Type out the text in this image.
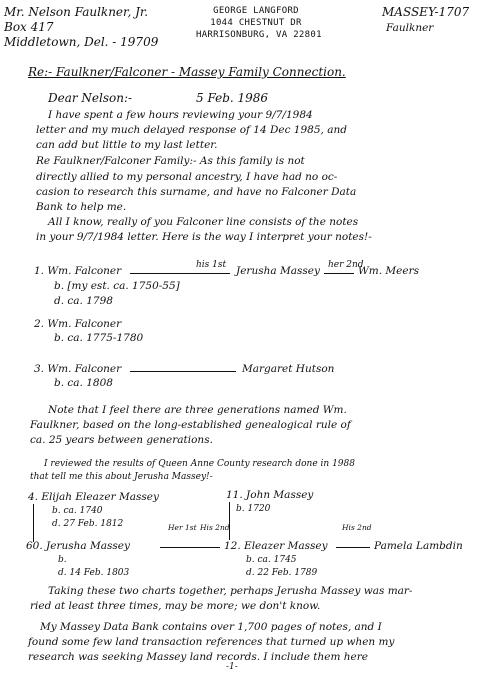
Mr. Nelson Faulkner, Jr.
Box 417
Middletown, Del. - 19709
GEORGE LANGFORD
1044 CHESTNUT DR
HARRISONBURG, VA 22801
MASSEY-1707
Faulkner
Re:- Faulkner/Falconer - Massey Family Connection.
Dear Nelson:-	5 Feb. 1986
I have spent a few hours reviewing your 9/7/1984
letter and my much delayed response of 14 Dec 1985, and
can add but little to my last letter.
Re Faulkner/Falconer Family:- As this family is not
directly allied to my personal ancestry, I have had no oc-
casion to research this surname, and have no Falconer Data
Bank to help me.
All I know, really of you Falconer line consists of the notes
in your 9/7/1984 letter. Here is the way I interpret your notes!-
1. Wm. Falconer	his 1st Jerusha Massey her 2nd
Wm. Meers
b. [my est. ca. 1750-55]
d. ca. 1798
2. Wm. Falconer
b. ca. 1775-1780
3. Wm. Falconer	Margaret Hutson
b. ca. 1808
Note that I feel there are three generations named Wm.
Faulkner, based on the long-established genealogical rule of
ca. 25 years between generations.
I reviewed the results of Queen Anne County research done in 1988
that tell me this about Jerusha Massey!-
4. Elijah Eleazer Massey
b. ca. 1740
d. 27 Feb. 1812
11. John Massey
b. 1720
60. Jerusha Massey
b.
d. 14 Feb. 1803
Her 1st His 2nd
12. Eleazer Massey
b. ca. 1745
d. 22 Feb. 1789
His 2nd
Pamela Lambdin
Taking these two charts together, perhaps Jerusha Massey was mar-
ried at least three times, may be more; we don't know.
My Massey Data Bank contains over 1,700 pages of notes, and I
found some few land transaction references that turned up when my
research was seeking Massey land records. I include them here
-1-
